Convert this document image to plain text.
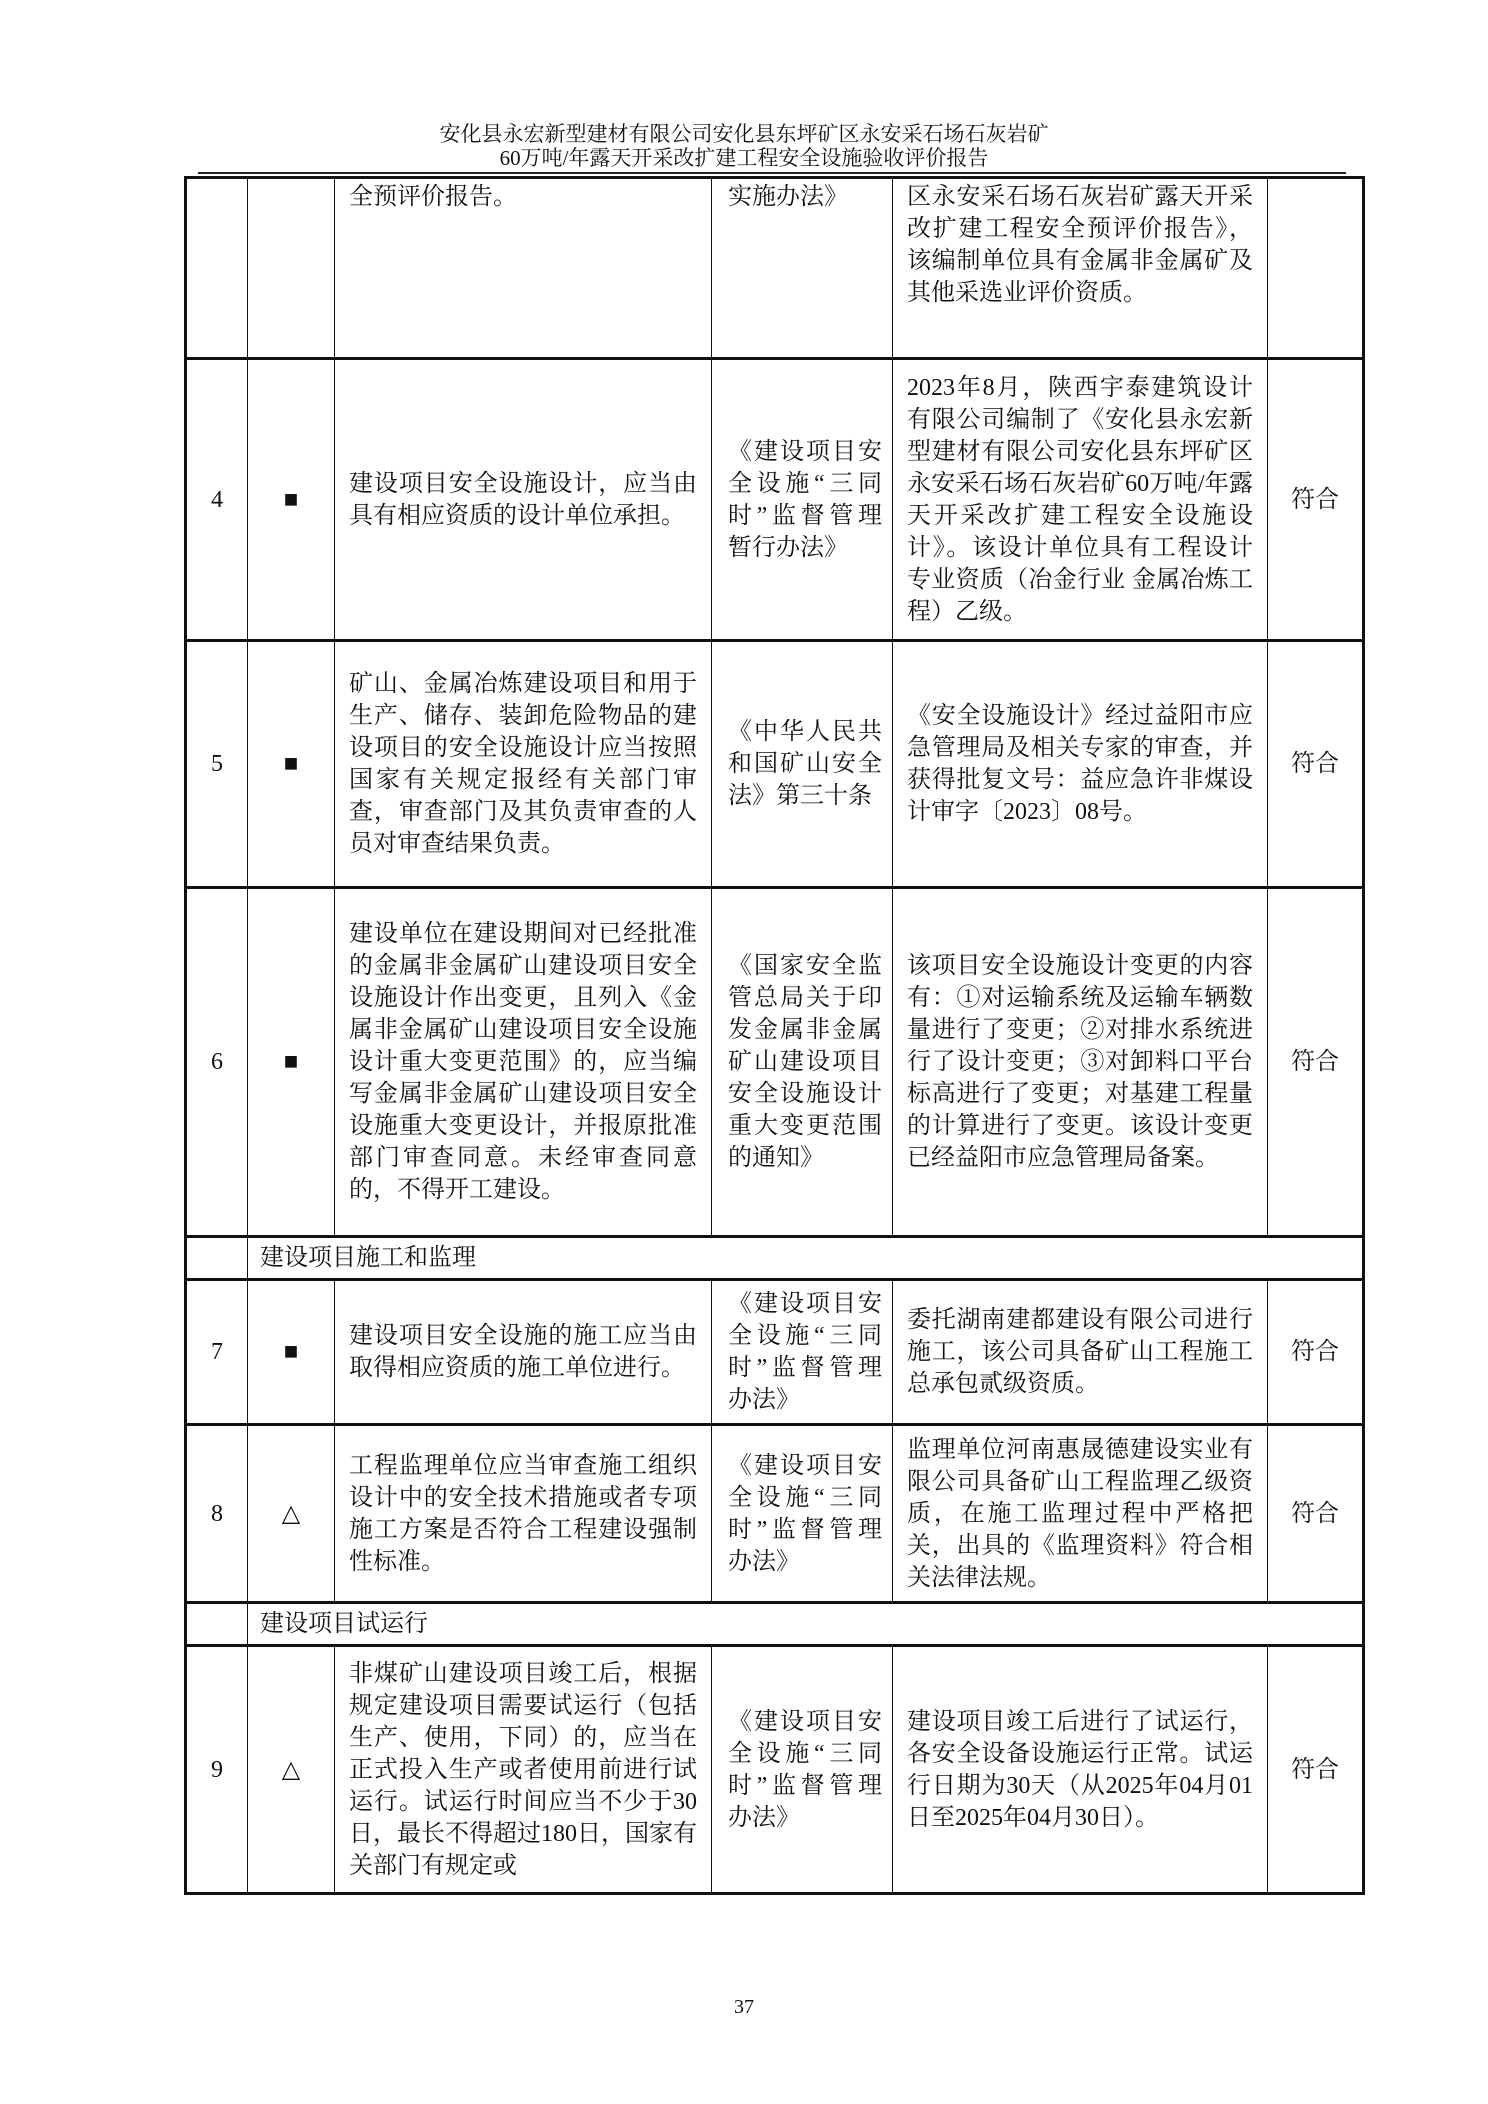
安化县永宏新型建材有限公司安化县东坪矿区永安采石场石灰岩矿
60万吨/年露天开采改扩建工程安全设施验收评价报告
		全预评价报告。	实施办法》	区永安采石场石灰岩矿露天开采改扩建工程安全预评价报告》，该编制单位具有金属非金属矿及其他采选业评价资质。	
4	■	建设项目安全设施设计，应当由具有相应资质的设计单位承担。	《建设项目安全设施“三同时”监督管理暂行办法》	2023年8月，陕西宇泰建筑设计有限公司编制了《安化县永宏新型建材有限公司安化县东坪矿区永安采石场石灰岩矿60万吨/年露天开采改扩建工程安全设施设计》。该设计单位具有工程设计专业资质（冶金行业 金属冶炼工程）乙级。	符合
5	■	矿山、金属冶炼建设项目和用于生产、储存、装卸危险物品的建设项目的安全设施设计应当按照国家有关规定报经有关部门审查，审查部门及其负责审查的人员对审查结果负责。	《中华人民共和国矿山安全法》第三十条	《安全设施设计》经过益阳市应急管理局及相关专家的审查，并获得批复文号：益应急许非煤设计审字〔2023〕08号。	符合
6	■	建设单位在建设期间对已经批准的金属非金属矿山建设项目安全设施设计作出变更，且列入《金属非金属矿山建设项目安全设施设计重大变更范围》的，应当编写金属非金属矿山建设项目安全设施重大变更设计，并报原批准部门审查同意。未经审查同意的，不得开工建设。	《国家安全监管总局关于印发金属非金属矿山建设项目安全设施设计重大变更范围的通知》	该项目安全设施设计变更的内容有：①对运输系统及运输车辆数量进行了变更；②对排水系统进行了设计变更；③对卸料口平台标高进行了变更；对基建工程量的计算进行了变更。该设计变更已经益阳市应急管理局备案。	符合
	建设项目施工和监理				
7	■	建设项目安全设施的施工应当由取得相应资质的施工单位进行。	《建设项目安全设施“三同时”监督管理办法》	委托湖南建都建设有限公司进行施工，该公司具备矿山工程施工总承包贰级资质。	符合
8	△	工程监理单位应当审查施工组织设计中的安全技术措施或者专项施工方案是否符合工程建设强制性标准。	《建设项目安全设施“三同时”监督管理办法》	监理单位河南惠晟德建设实业有限公司具备矿山工程监理乙级资质，在施工监理过程中严格把关，出具的《监理资料》符合相关法律法规。	符合
	建设项目试运行				
9	△	非煤矿山建设项目竣工后，根据规定建设项目需要试运行（包括生产、使用，下同）的，应当在正式投入生产或者使用前进行试运行。试运行时间应当不少于30日，最长不得超过180日，国家有关部门有规定或	《建设项目安全设施“三同时”监督管理办法》	建设项目竣工后进行了试运行，各安全设备设施运行正常。试运行日期为30天（从2025年04月01日至2025年04月30日）。	符合
37
